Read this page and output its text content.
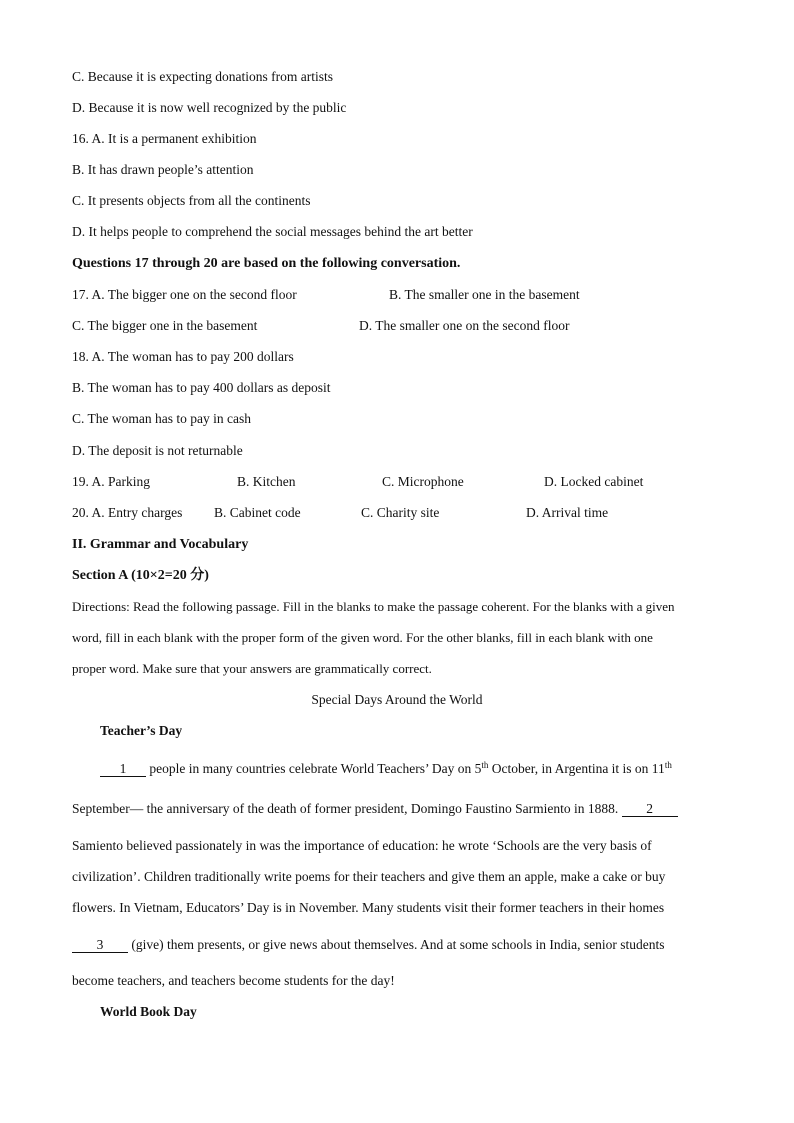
C. Because it is expecting donations from artists
D. Because it is now well recognized by the public
16. A. It is a permanent exhibition
B. It has drawn people’s attention
C. It presents objects from all the continents
D. It helps people to comprehend the social messages behind the art better
Questions 17 through 20 are based on the following conversation.
17. A. The bigger one on the second floor	B. The smaller one in the basement
C. The bigger one in the basement	D. The smaller one on the second floor
18. A. The woman has to pay 200 dollars
B. The woman has to pay 400 dollars as deposit
C. The woman has to pay in cash
D. The deposit is not returnable
19. A. Parking	B. Kitchen	C. Microphone	D. Locked cabinet
20. A. Entry charges B. Cabinet code	C. Charity site	D. Arrival time
II. Grammar and Vocabulary
Section A (10×2=20 分)
Directions: Read the following passage. Fill in the blanks to make the passage coherent. For the blanks with a given
word, fill in each blank with the proper form of the given word. For the other blanks, fill in each blank with one
proper word. Make sure that your answers are grammatically correct.
Special Days Around the World
Teacher’s Day
1 people in many countries celebrate World Teachers’ Day on 5th October, in Argentina it is on 11th
September— the anniversary of the death of former president, Domingo Faustino Sarmiento in 1888. 2
Samiento believed passionately in was the importance of education: he wrote ‘Schools are the very basis of
civilization’. Children traditionally write poems for their teachers and give them an apple, make a cake or buy
flowers. In Vietnam, Educators’ Day is in November. Many students visit their former teachers in their homes
3 (give) them presents, or give news about themselves. And at some schools in India, senior students
become teachers, and teachers become students for the day!
World Book Day
